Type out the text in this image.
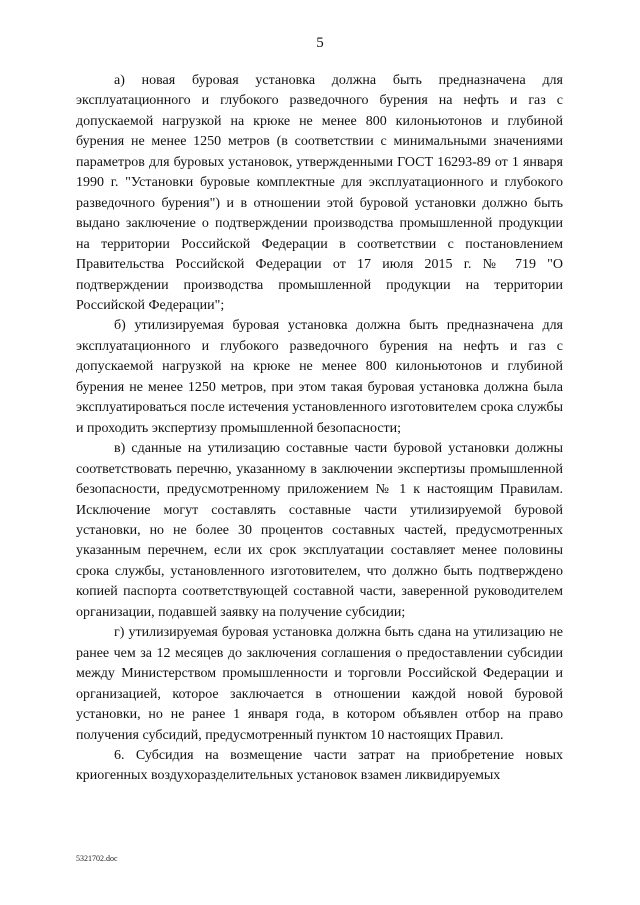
5

а) новая буровая установка должна быть предназначена для эксплуатационного и глубокого разведочного бурения на нефть и газ с допускаемой нагрузкой на крюке не менее 800 килоньютонов и глубиной бурения не менее 1250 метров (в соответствии с минимальными значениями параметров для буровых установок, утвержденными ГОСТ 16293-89 от 1 января 1990 г. "Установки буровые комплектные для эксплуатационного и глубокого разведочного бурения") и в отношении этой буровой установки должно быть выдано заключение о подтверждении производства промышленной продукции на территории Российской Федерации в соответствии с постановлением Правительства Российской Федерации от 17 июля 2015 г. № 719 "О подтверждении производства промышленной продукции на территории Российской Федерации";

б) утилизируемая буровая установка должна быть предназначена для эксплуатационного и глубокого разведочного бурения на нефть и газ с допускаемой нагрузкой на крюке не менее 800 килоньютонов и глубиной бурения не менее 1250 метров, при этом такая буровая установка должна была эксплуатироваться после истечения установленного изготовителем срока службы и проходить экспертизу промышленной безопасности;

в) сданные на утилизацию составные части буровой установки должны соответствовать перечню, указанному в заключении экспертизы промышленной безопасности, предусмотренному приложением № 1 к настоящим Правилам. Исключение могут составлять составные части утилизируемой буровой установки, но не более 30 процентов составных частей, предусмотренных указанным перечнем, если их срок эксплуатации составляет менее половины срока службы, установленного изготовителем, что должно быть подтверждено копией паспорта соответствующей составной части, заверенной руководителем организации, подавшей заявку на получение субсидии;

г) утилизируемая буровая установка должна быть сдана на утилизацию не ранее чем за 12 месяцев до заключения соглашения о предоставлении субсидии между Министерством промышленности и торговли Российской Федерации и организацией, которое заключается в отношении каждой новой буровой установки, но не ранее 1 января года, в котором объявлен отбор на право получения субсидий, предусмотренный пунктом 10 настоящих Правил.

6. Субсидия на возмещение части затрат на приобретение новых криогенных воздухоразделительных установок взамен ликвидируемых

5321702.doc
